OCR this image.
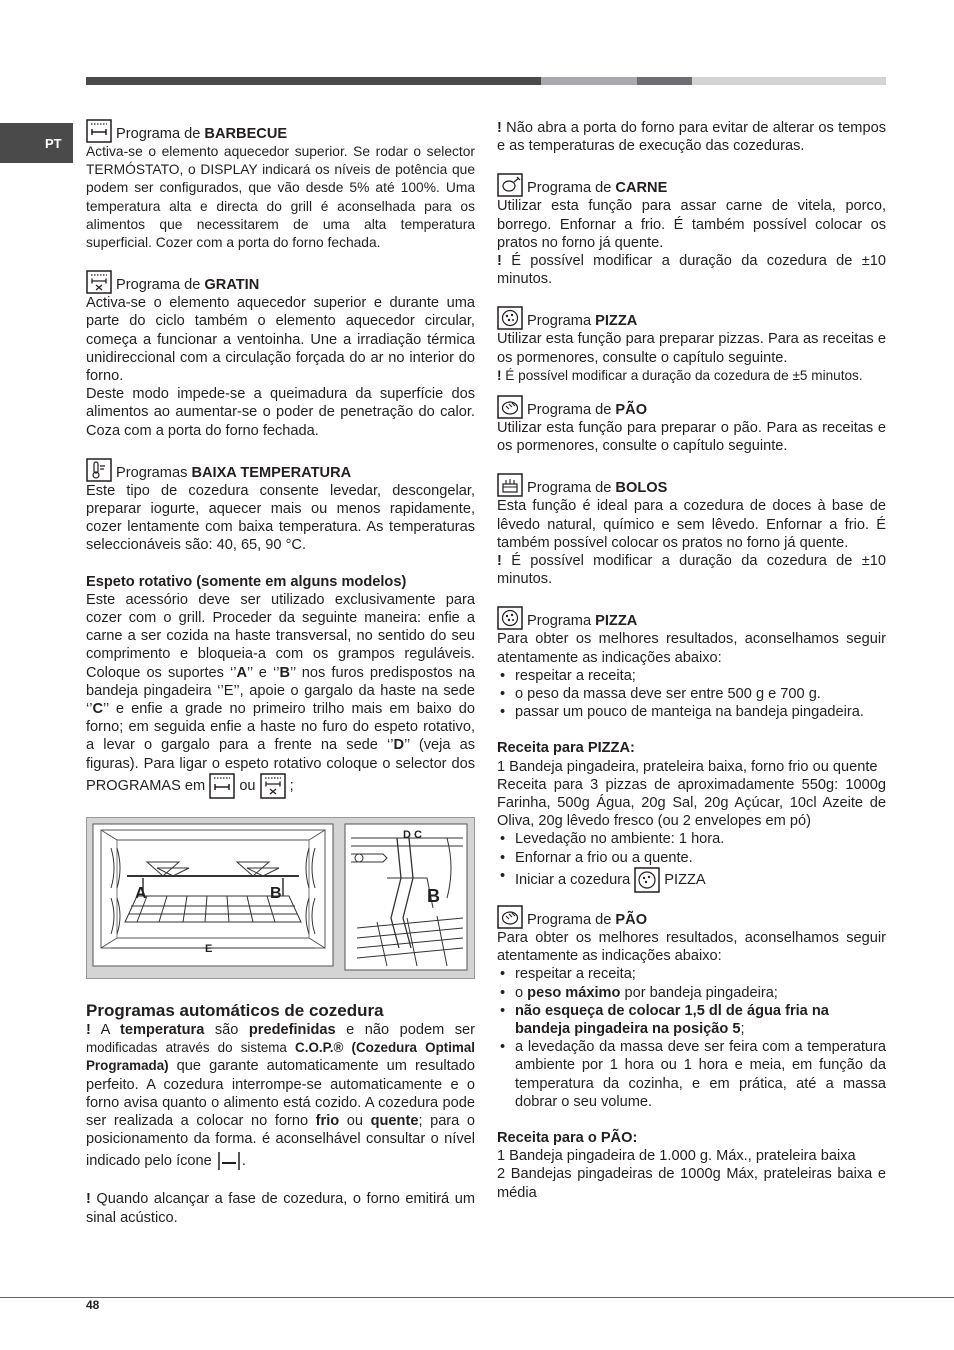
PT
Programa de BARBECUE

Activa-se o elemento aquecedor superior. Se rodar o selector TERMÓSTATO, o DISPLAY indicará os níveis de potência que podem ser configurados, que vão desde 5% até 100%. Uma temperatura alta e directa do grill é aconselhada para os alimentos que necessitarem de uma alta temperatura superficial. Cozer com a porta do forno fechada.

Programa de GRATIN

Activa-se o elemento aquecedor superior e durante uma parte do ciclo também o elemento aquecedor circular, começa a funcionar a ventoinha. Une a irradiação térmica unidireccional com a circulação forçada do ar no interior do forno.

Deste modo impede-se a queimadura da superfície dos alimentos ao aumentar-se o poder de penetração do calor. Coza com a porta do forno fechada.

Programas BAIXA TEMPERATURA

Este tipo de cozedura consente levedar, descongelar, preparar iogurte, aquecer mais ou menos rapidamente, cozer lentamente com baixa temperatura. As temperaturas seleccionáveis são: 40, 65, 90 °C.

Espeto rotativo (somente em alguns modelos)

Este acessório deve ser utilizado exclusivamente para cozer com o grill. Proceder da seguinte maneira: enfie a carne a ser cozida na haste transversal, no sentido do seu comprimento e bloqueia-a com os grampos reguláveis. Coloque os suportes ‘’A’’ e ‘’B’’ nos furos predispostos na bandeja pingadeira ‘’E’’, apoie o gargalo da haste na sede ‘’C’’ e enfie a grade no primeiro trilho mais em baixo do forno; em seguida enfie a haste no furo do espeto rotativo, a levar o gargalo para a frente na sede ‘’D’’ (veja as figuras). Para ligar o espeto rotativo coloque o selector dos PROGRAMAS em
ou
;

A	B
E
D C
B
Programas automáticos de cozedura

! A temperatura são predefinidas e não podem ser modificadas através do sistema C.O.P.® (Cozedura Optimal Programada) que garante automaticamente um resultado perfeito. A cozedura interrompe-se automaticamente e o forno avisa quanto o alimento está cozido. A cozedura pode ser realizada a colocar no forno frio ou quente; para o posicionamento da forma. é aconselhável consultar o nível indicado pelo ícone
.

! Quando alcançar a fase de cozedura, o forno emitirá um sinal acústico.

! Não abra a porta do forno para evitar de alterar os tempos e as temperaturas de execução das cozeduras.

Programa de CARNE

Utilizar esta função para assar carne de vitela, porco, borrego. Enfornar a frio. É também possível colocar os pratos no forno já quente.

! É possível modificar a duração da cozedura de ±10 minutos.

Programa PIZZA

Utilizar esta função para preparar pizzas. Para as receitas e os pormenores, consulte o capítulo seguinte.

! É possível modificar a duração da cozedura de ±5 minutos.

Programa de PÃO

Utilizar esta função para preparar o pão. Para as receitas e os pormenores, consulte o capítulo seguinte.

Programa de BOLOS

Esta função é ideal para a cozedura de doces à base de lêvedo natural, químico e sem lêvedo. Enfornar a frio. É também possível colocar os pratos no forno já quente.

! É possível modificar a duração da cozedura de ±10 minutos.

Programa PIZZA

Para obter os melhores resultados, aconselhamos seguir atentamente as indicações abaixo:

• respeitar a receita;
• o peso da massa deve ser entre 500 g e 700 g.
• passar um pouco de manteiga na bandeja pingadeira.

Receita para PIZZA:

1 Bandeja pingadeira, prateleira baixa, forno frio ou quente

Receita para 3 pizzas de aproximadamente 550g: 1000g Farinha, 500g Água, 20g Sal, 20g Açúcar, 10cl Azeite de Oliva, 20g lêvedo fresco (ou 2 envelopes em pó)

• Levedação no ambiente: 1 hora.
• Enfornar a frio ou a quente.
• Iniciar a cozedura
PIZZA
Programa de PÃO

Para obter os melhores resultados, aconselhamos seguir atentamente as indicações abaixo:

• respeitar a receita;
• o peso máximo por bandeja pingadeira;
• não esqueça de colocar 1,5 dl de água fria na bandeja pingadeira na posição 5;
• a levedação da massa deve ser feira com a temperatura ambiente por 1 hora ou 1 hora e meia, em função da temperatura da cozinha, e em prática, até a massa dobrar o seu volume.

Receita para o PÃO:

1 Bandeja pingadeira de 1.000 g. Máx., prateleira baixa

2 Bandejas pingadeiras de 1000g Máx, prateleiras baixa e média

48
